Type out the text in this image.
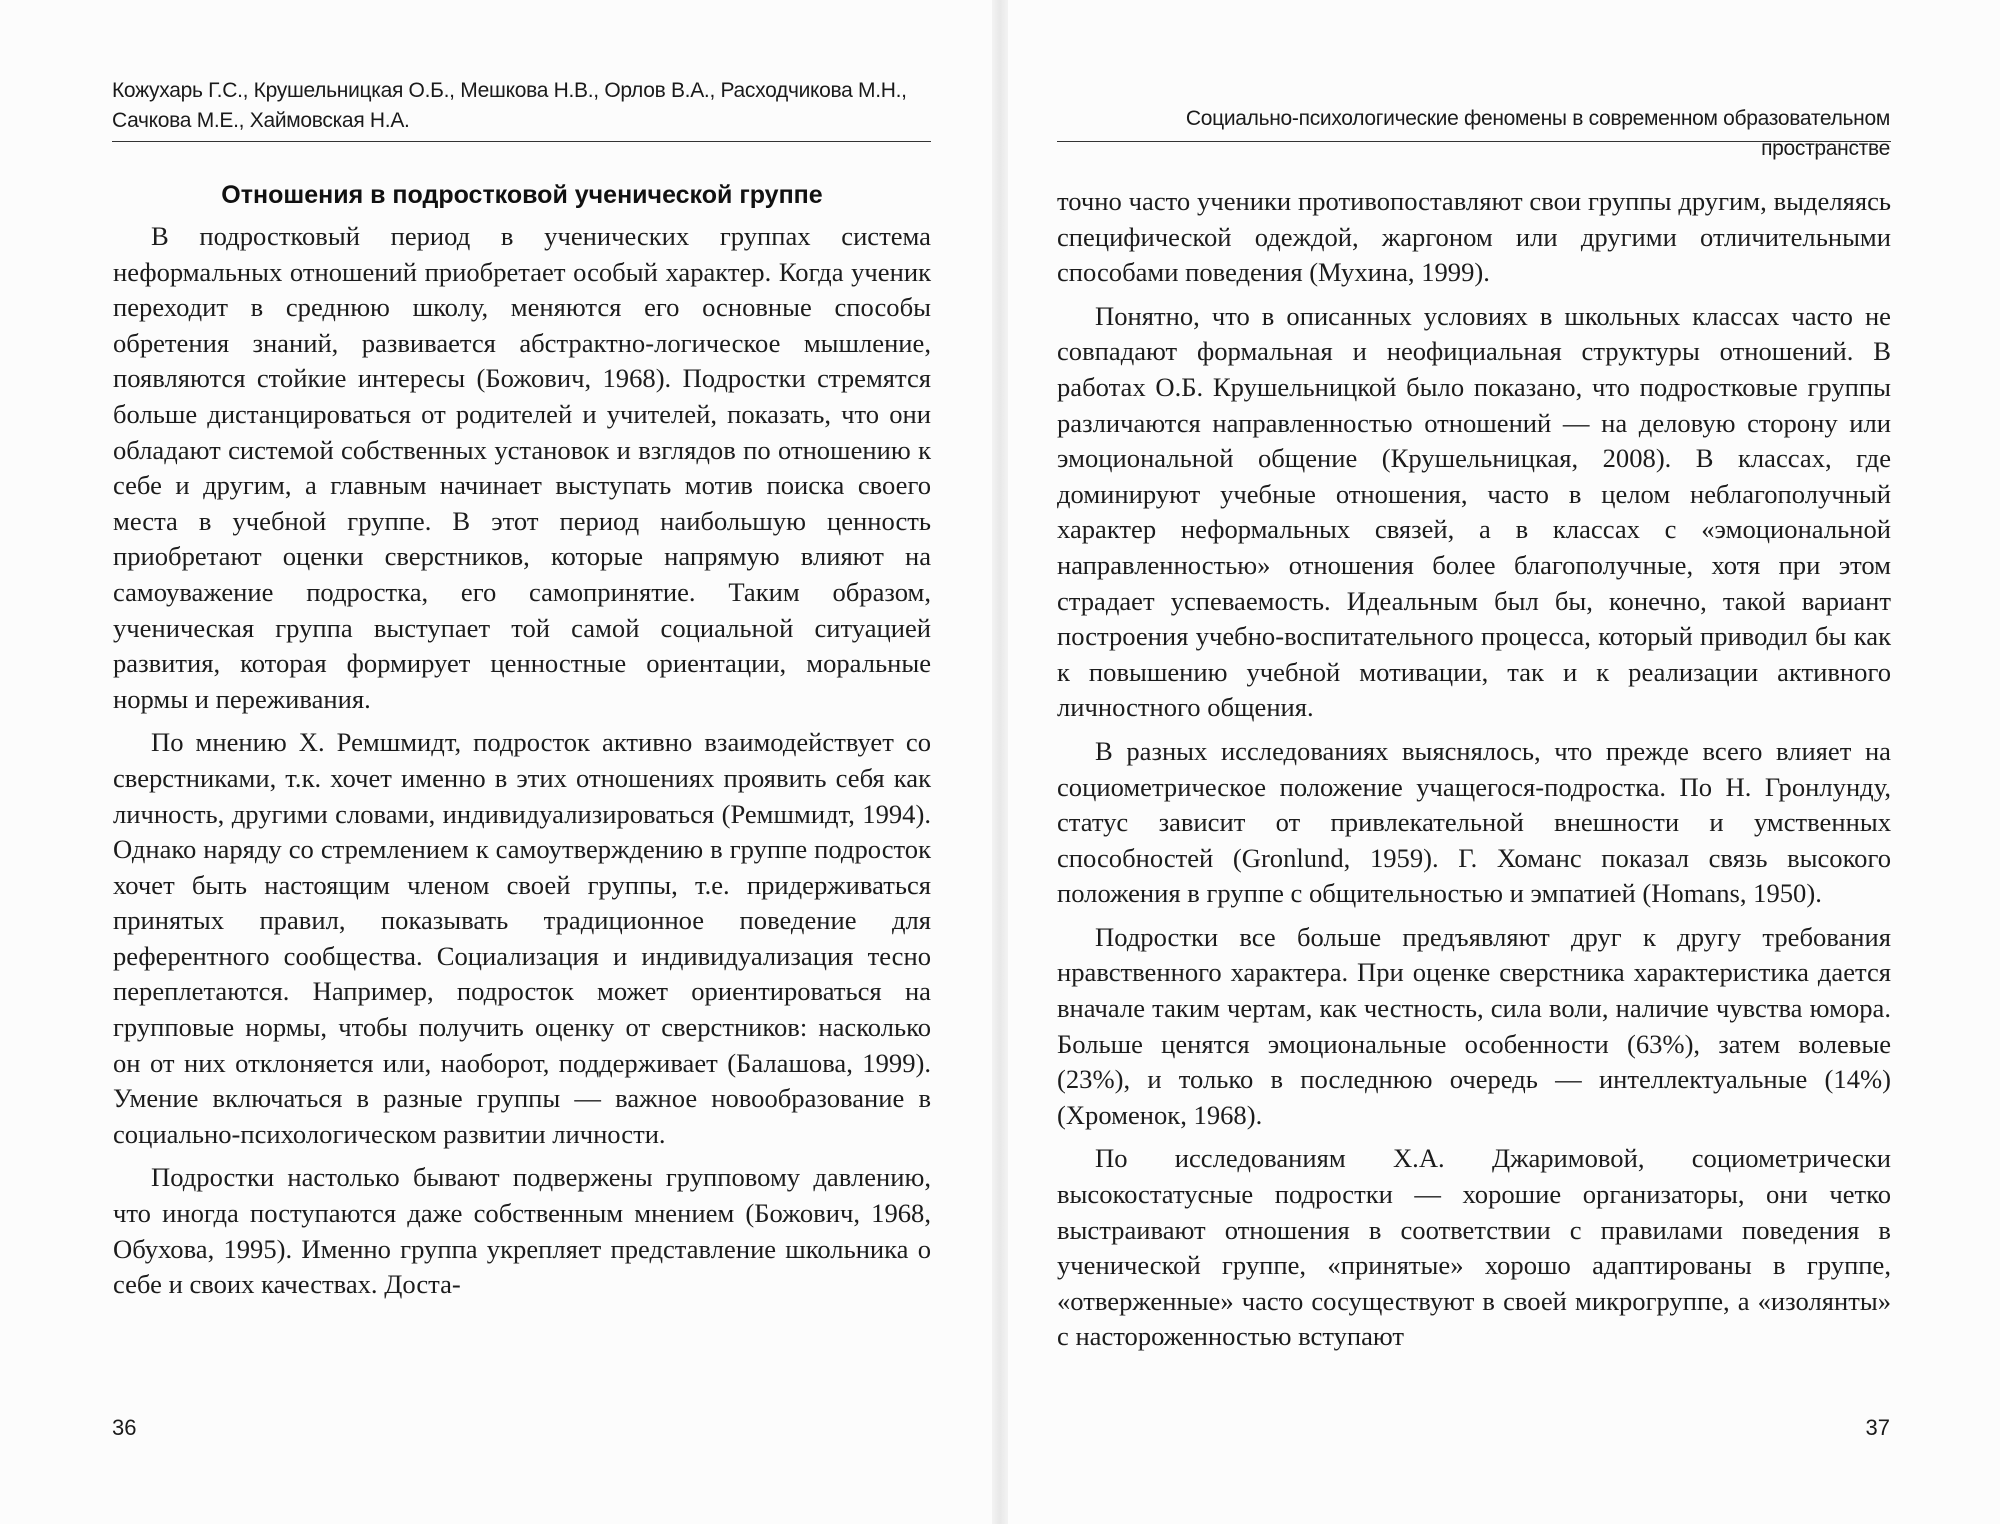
Кожухарь Г.С., Крушельницкая О.Б., Мешкова Н.В., Орлов В.А., Расходчикова М.Н., Сачкова М.Е., Хаймовская Н.А.	Социально-психологические феномены в современном образовательном пространстве
Отношения в подростковой ученической группе

В подростковый период в ученических группах система неформальных отношений приобретает особый характер. Когда ученик переходит в среднюю школу, меняются его основные способы обретения знаний, развивается абстрактно-логическое мышление, появляются стойкие интересы (Божович, 1968). Подростки стремятся больше дистанцироваться от родителей и учителей, показать, что они обладают системой собственных установок и взглядов по отношению к себе и другим, а главным начинает выступать мотив поиска своего места в учебной группе. В этот период наибольшую ценность приобретают оценки сверстников, которые напрямую влияют на самоуважение подростка, его самопринятие. Таким образом, ученическая группа выступает той самой социальной ситуацией развития, которая формирует ценностные ориентации, моральные нормы и переживания.

По мнению Х. Ремшмидт, подросток активно взаимодействует со сверстниками, т.к. хочет именно в этих отношениях проявить себя как личность, другими словами, индивидуализироваться (Ремшмидт, 1994). Однако наряду со стремлением к самоутверждению в группе подросток хочет быть настоящим членом своей группы, т.е. придерживаться принятых правил, показывать традиционное поведение для референтного сообщества. Социализация и индивидуализация тесно переплетаются. Например, подросток может ориентироваться на групповые нормы, чтобы получить оценку от сверстников: насколько он от них отклоняется или, наоборот, поддерживает (Балашова, 1999). Умение включаться в разные группы — важное новообразование в социально-психологическом развитии личности.

Подростки настолько бывают подвержены групповому давлению, что иногда поступаются даже собственным мнением (Божович, 1968, Обухова, 1995). Именно группа укрепляет представление школьника о себе и своих качествах. Доста-

точно часто ученики противопоставляют свои группы другим, выделяясь специфической одеждой, жаргоном или другими отличительными способами поведения (Мухина, 1999).

Понятно, что в описанных условиях в школьных классах часто не совпадают формальная и неофициальная структуры отношений. В работах О.Б. Крушельницкой было показано, что подростковые группы различаются направленностью отношений — на деловую сторону или эмоциональной общение (Крушельницкая, 2008). В классах, где доминируют учебные отношения, часто в целом неблагополучный характер неформальных связей, а в классах с «эмоциональной направленностью» отношения более благополучные, хотя при этом страдает успеваемость. Идеальным был бы, конечно, такой вариант построения учебно-воспитательного процесса, который приводил бы как к повышению учебной мотивации, так и к реализации активного личностного общения.

В разных исследованиях выяснялось, что прежде всего влияет на социометрическое положение учащегося-подростка. По Н. Гронлунду, статус зависит от привлекательной внешности и умственных способностей (Gronlund, 1959). Г. Хоманс показал связь высокого положения в группе с общительностью и эмпатией (Homans, 1950).

Подростки все больше предъявляют друг к другу требования нравственного характера. При оценке сверстника характеристика дается вначале таким чертам, как честность, сила воли, наличие чувства юмора. Больше ценятся эмоциональные особенности (63%), затем волевые (23%), и только в последнюю очередь — интеллектуальные (14%) (Хроменок, 1968).

По исследованиям Х.А. Джаримовой, социометрически высокостатусные подростки — хорошие организаторы, они четко выстраивают отношения в соответствии с правилами поведения в ученической группе, «принятые» хорошо адаптированы в группе, «отверженные» часто сосуществуют в своей микрогруппе, а «изолянты» с настороженностью вступают

36	37
